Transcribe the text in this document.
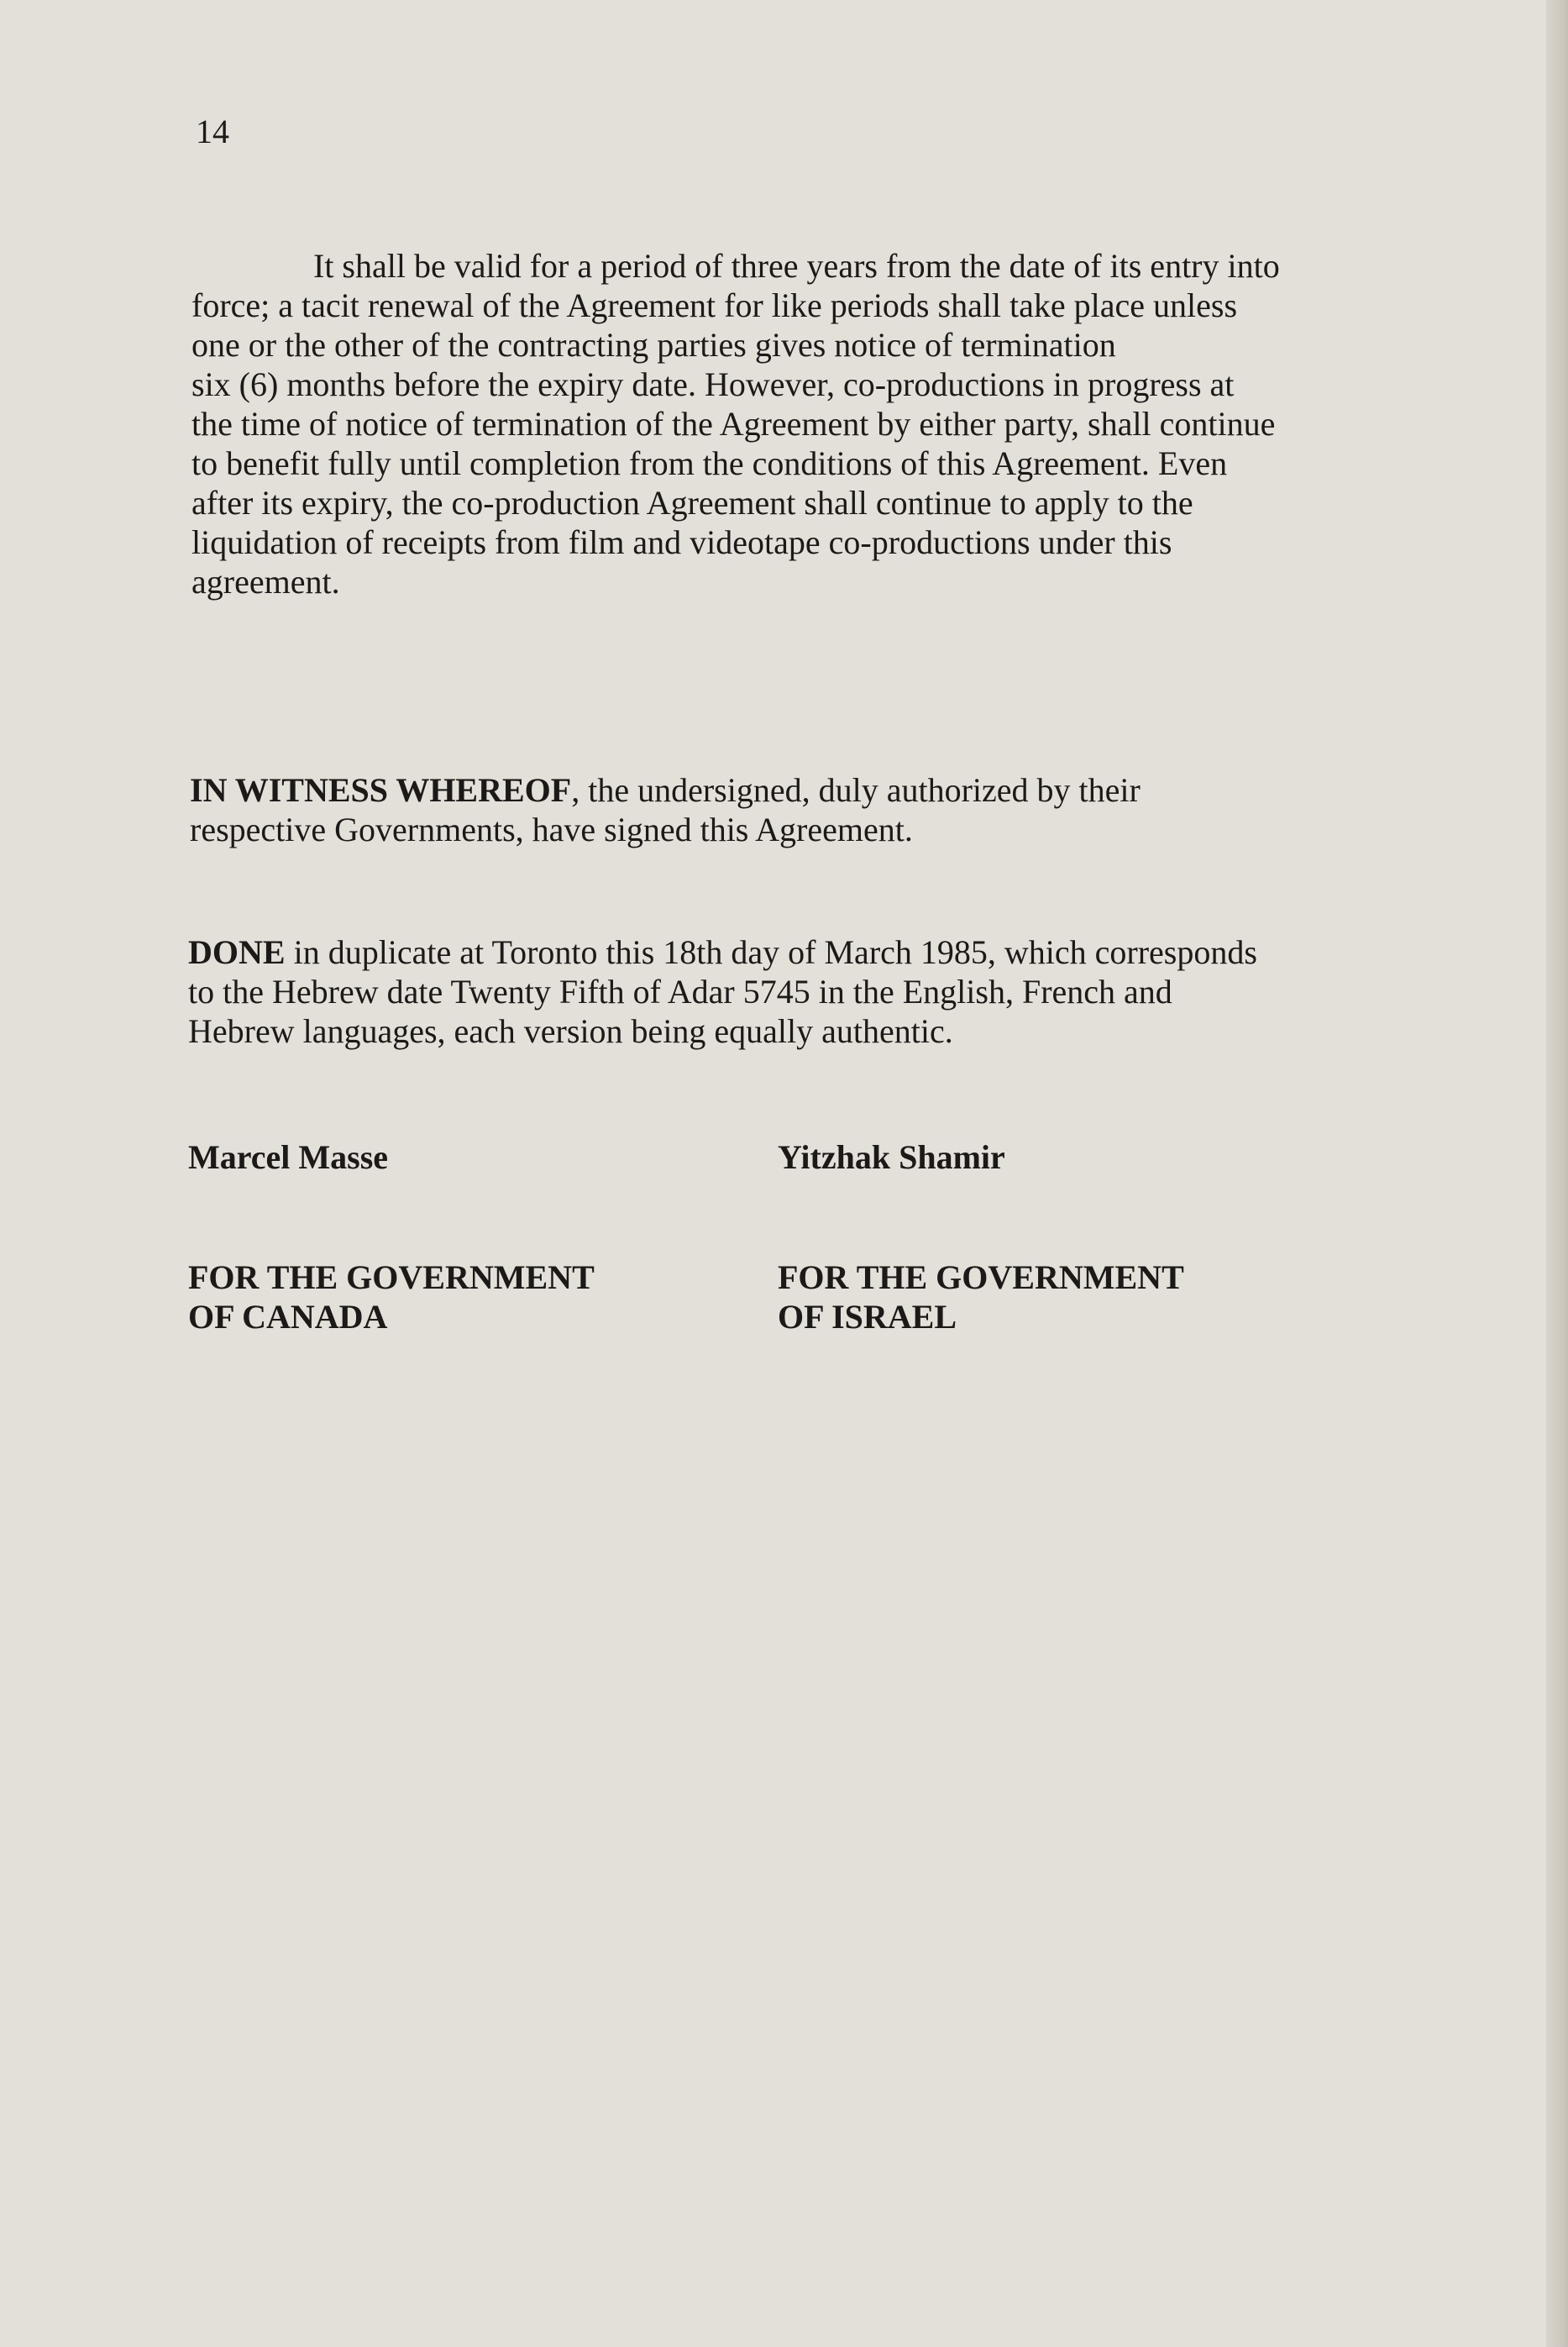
14

It shall be valid for a period of three years from the date of its entry into
force; a tacit renewal of the Agreement for like periods shall take place unless
one or the other of the contracting parties gives notice of termination
six (6) months before the expiry date. However, co-productions in progress at
the time of notice of termination of the Agreement by either party, shall continue
to benefit fully until completion from the conditions of this Agreement. Even
after its expiry, the co-production Agreement shall continue to apply to the
liquidation of receipts from film and videotape co-productions under this
agreement.

IN WITNESS WHEREOF, the undersigned, duly authorized by their
respective Governments, have signed this Agreement.

DONE in duplicate at Toronto this 18th day of March 1985, which corresponds
to the Hebrew date Twenty Fifth of Adar 5745 in the English, French and
Hebrew languages, each version being equally authentic.

Marcel Masse	Yitzhak Shamir
FOR THE GOVERNMENT
OF CANADA
FOR THE GOVERNMENT
OF ISRAEL
